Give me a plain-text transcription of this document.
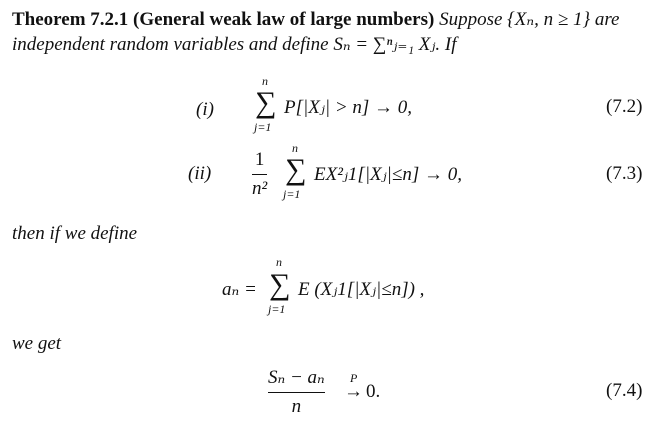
Theorem 7.2.1 (General weak law of large numbers) Suppose {Xₙ, n ≥ 1} are
independent random variables and define Sₙ = ∑ⁿⱼ₌₁ Xⱼ. If
(i)
n
∑
j=1
P[|Xⱼ| > n] → 0,	(7.2)
$(ii) \frac{1}{\text{n²}}$ n
∑
j=1
EX²ⱼ1[|Xⱼ|≤n] → 0,	(7.3)
then if we define
aₙ =
n
∑
j=1
E (Xⱼ1[|Xⱼ|≤n]) ,
we get
$\frac{\text{Sₙ − aₙ}}{n}$ P
→ 0.	(7.4)
